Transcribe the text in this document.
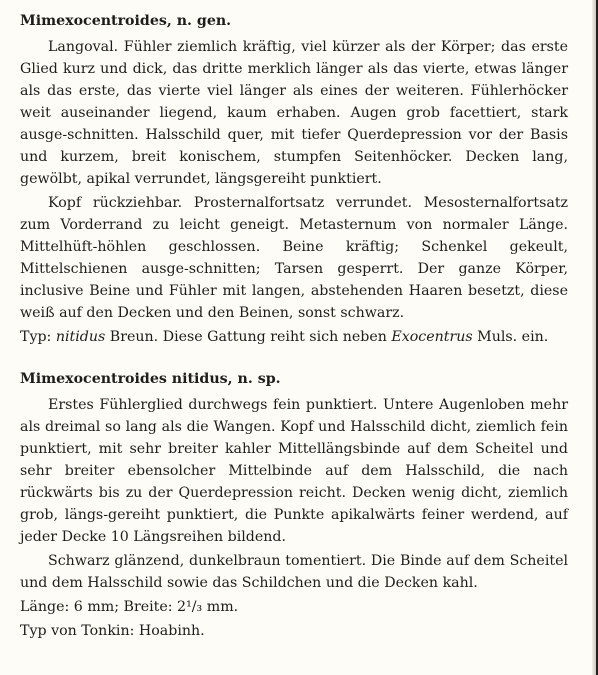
Mimexocentroides, n. gen.

Langoval. Fühler ziemlich kräftig, viel kürzer als der Körper; das erste Glied kurz und dick, das dritte merklich länger als das vierte, etwas länger als das erste, das vierte viel länger als eines der weiteren. Fühlerhöcker weit auseinander liegend, kaum erhaben. Augen grob facettiert, stark ausge-schnitten. Halsschild quer, mit tiefer Querdepression vor der Basis und kurzem, breit konischem, stumpfen Seitenhöcker. Decken lang, gewölbt, apikal verrundet, längsgereiht punktiert.

Kopf rückziehbar. Prosternalfortsatz verrundet. Mesosternalfortsatz zum Vorderrand zu leicht geneigt. Metasternum von normaler Länge. Mittelhüft-höhlen geschlossen. Beine kräftig; Schenkel gekeult, Mittelschienen ausge-schnitten; Tarsen gesperrt. Der ganze Körper, inclusive Beine und Fühler mit langen, abstehenden Haaren besetzt, diese weiß auf den Decken und den Beinen, sonst schwarz.

Typ: nitidus Breun. Diese Gattung reiht sich neben Exocentrus Muls. ein.

Mimexocentroides nitidus, n. sp.

Erstes Fühlerglied durchwegs fein punktiert. Untere Augenloben mehr als dreimal so lang als die Wangen. Kopf und Halsschild dicht, ziemlich fein punktiert, mit sehr breiter kahler Mittellängsbinde auf dem Scheitel und sehr breiter ebensolcher Mittelbinde auf dem Halsschild, die nach rückwärts bis zu der Querdepression reicht. Decken wenig dicht, ziemlich grob, längs-gereiht punktiert, die Punkte apikalwärts feiner werdend, auf jeder Decke 10 Längsreihen bildend.

Schwarz glänzend, dunkelbraun tomentiert. Die Binde auf dem Scheitel und dem Halsschild sowie das Schildchen und die Decken kahl.

Länge: 6 mm; Breite: 2¹/₃ mm.

Typ von Tonkin: Hoabinh.
